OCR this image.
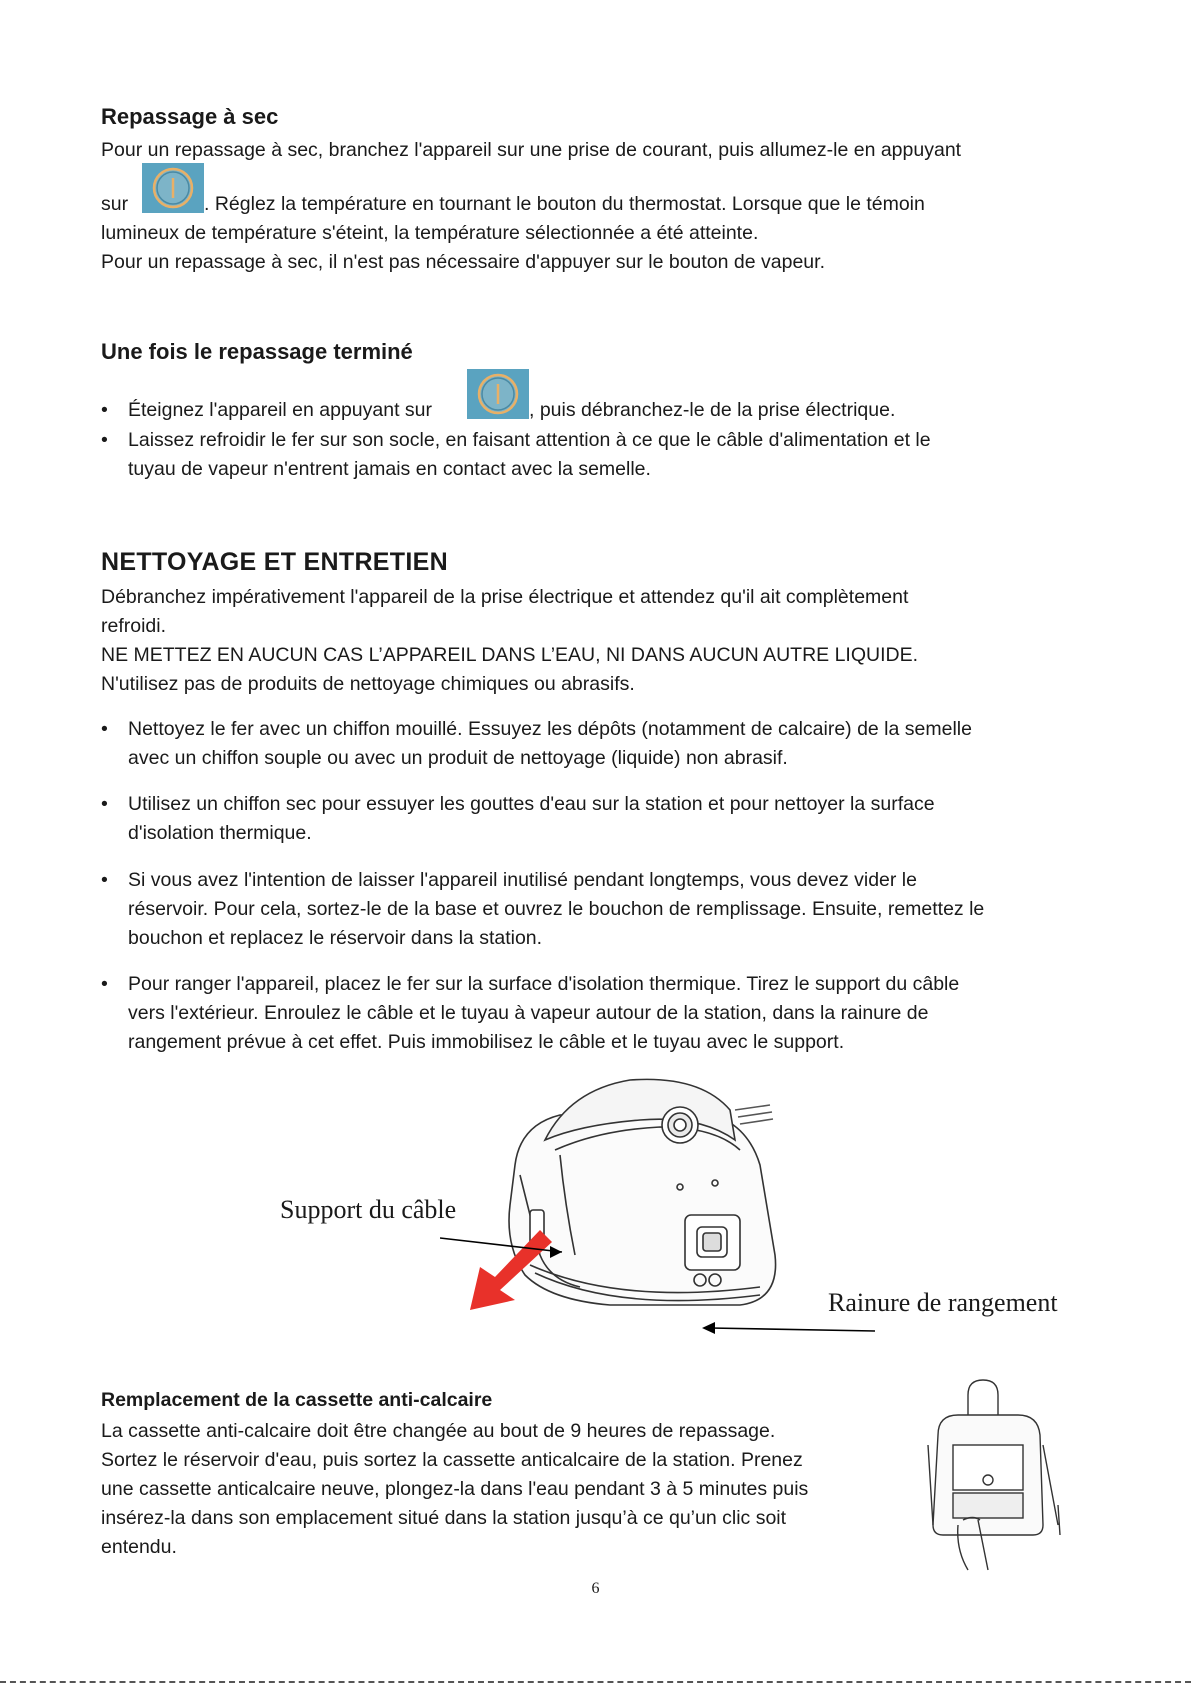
Repassage à sec
Pour un repassage à sec, branchez l'appareil sur une prise de courant, puis allumez-le en appuyant
sur	. Réglez la température en tournant le bouton du thermostat. Lorsque que le témoin
lumineux de température s'éteint, la température sélectionnée a été atteinte.
Pour un repassage à sec, il n'est pas nécessaire d'appuyer sur le bouton de vapeur.
Une fois le repassage terminé
• Éteignez l'appareil en appuyant sur	, puis débranchez-le de la prise électrique.
• Laissez refroidir le fer sur son socle, en faisant attention à ce que le câble d'alimentation et le
tuyau de vapeur n'entrent jamais en contact avec la semelle.
NETTOYAGE ET ENTRETIEN
Débranchez impérativement l'appareil de la prise électrique et attendez qu'il ait complètement
refroidi.
NE METTEZ EN AUCUN CAS L’APPAREIL DANS L’EAU, NI DANS AUCUN AUTRE LIQUIDE.
N'utilisez pas de produits de nettoyage chimiques ou abrasifs.
• Nettoyez le fer avec un chiffon mouillé. Essuyez les dépôts (notamment de calcaire) de la semelle
avec un chiffon souple ou avec un produit de nettoyage (liquide) non abrasif.
• Utilisez un chiffon sec pour essuyer les gouttes d'eau sur la station et pour nettoyer la surface
d'isolation thermique.
• Si vous avez l'intention de laisser l'appareil inutilisé pendant longtemps, vous devez vider le
réservoir. Pour cela, sortez-le de la base et ouvrez le bouchon de remplissage. Ensuite, remettez le
bouchon et replacez le réservoir dans la station.
• Pour ranger l'appareil, placez le fer sur la surface d'isolation thermique. Tirez le support du câble
vers l'extérieur. Enroulez le câble et le tuyau à vapeur autour de la station, dans la rainure de
rangement prévue à cet effet. Puis immobilisez le câble et le tuyau avec le support.
Support du câble
Rainure de rangement
Remplacement de la cassette anti-calcaire
La cassette anti-calcaire doit être changée au bout de 9 heures de repassage.
Sortez le réservoir d'eau, puis sortez la cassette anticalcaire de la station. Prenez
une cassette anticalcaire neuve, plongez-la dans l'eau pendant 3 à 5 minutes puis
insérez-la dans son emplacement situé dans la station jusqu’à ce qu’un clic soit
entendu.
6
